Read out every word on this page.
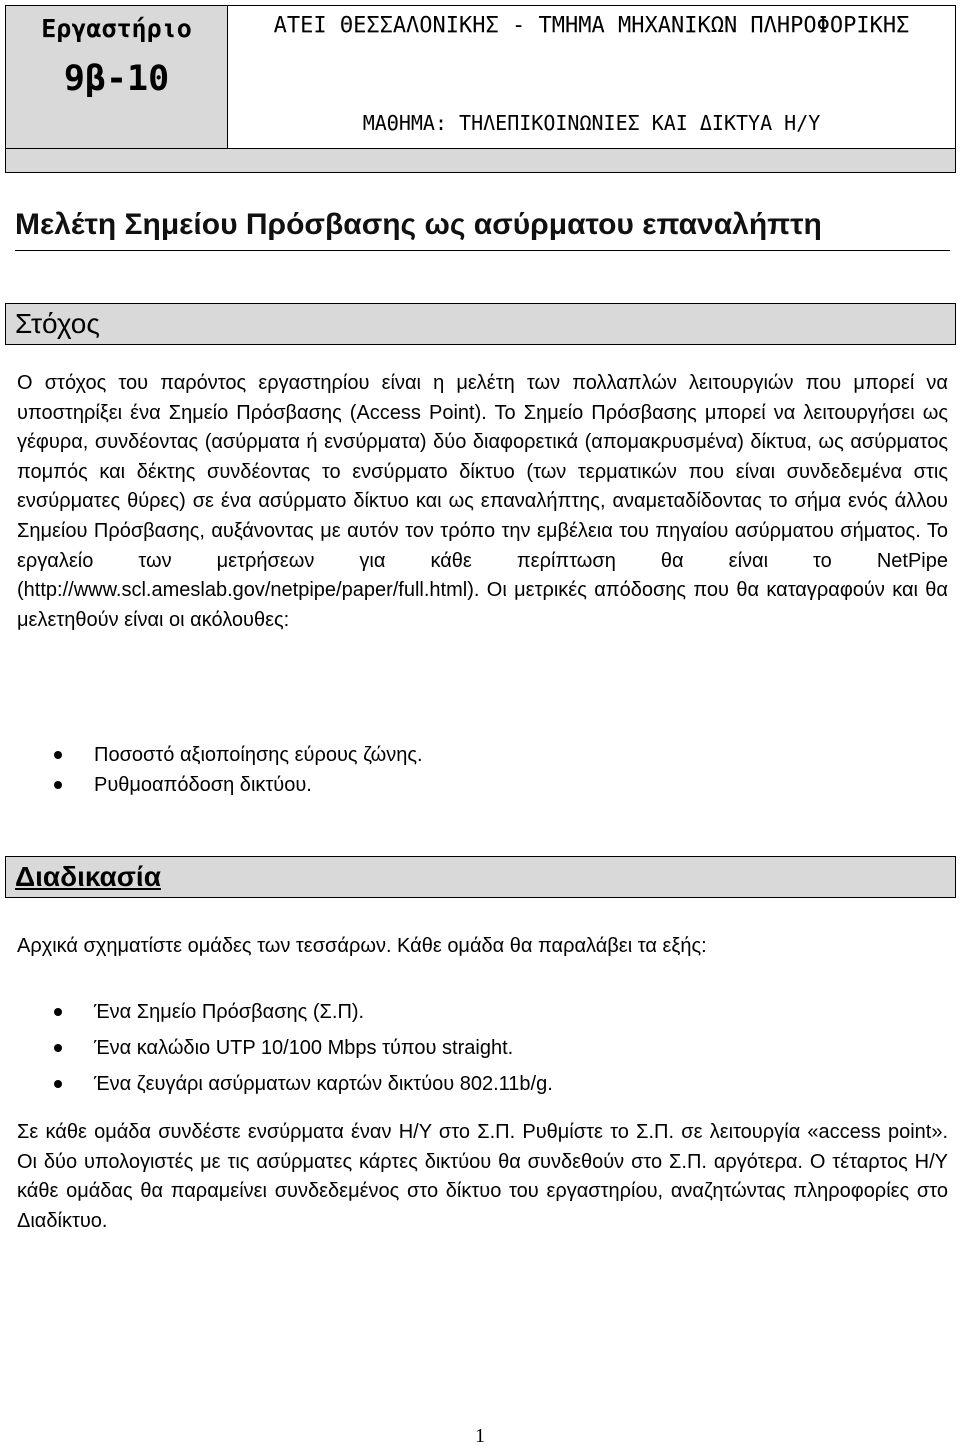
Εργαστήριο
9β-10
ΑΤΕΙ ΘΕΣΣΑΛΟΝΙΚΗΣ - ΤΜΗΜΑ ΜΗΧΑΝΙΚΩΝ ΠΛΗΡΟΦΟΡΙΚΗΣ
ΜΑΘΗΜΑ: ΤΗΛΕΠΙΚΟΙΝΩΝΙΕΣ ΚΑΙ ΔΙΚΤΥΑ Η/Υ
Μελέτη Σημείου Πρόσβασης ως ασύρματου επαναλήπτη
Στόχος
Ο στόχος του παρόντος εργαστηρίου είναι η μελέτη των πολλαπλών λειτουργιών που μπορεί να υποστηρίξει ένα Σημείο Πρόσβασης (Access Point). Το Σημείο Πρόσβασης μπορεί να λειτουργήσει ως γέφυρα, συνδέοντας (ασύρματα ή ενσύρματα) δύο διαφορετικά (απομακρυσμένα) δίκτυα, ως ασύρματος πομπός και δέκτης συνδέοντας το ενσύρματο δίκτυο (των τερματικών που είναι συνδεδεμένα στις ενσύρματες θύρες) σε ένα ασύρματο δίκτυο και ως επαναλήπτης, αναμεταδίδοντας το σήμα ενός άλλου Σημείου Πρόσβασης, αυξάνοντας με αυτόν τον τρόπο την εμβέλεια του πηγαίου ασύρματου σήματος. Το εργαλείο των μετρήσεων για κάθε περίπτωση θα είναι το NetPipe (http://www.scl.ameslab.gov/netpipe/paper/full.html). Οι μετρικές απόδοσης που θα καταγραφούν και θα μελετηθούν είναι οι ακόλουθες:
Ποσοστό αξιοποίησης εύρους ζώνης.
Ρυθμοαπόδοση δικτύου.
Διαδικασία
Αρχικά σχηματίστε ομάδες των τεσσάρων. Κάθε ομάδα θα παραλάβει τα εξής:
Ένα Σημείο Πρόσβασης (Σ.Π).
Ένα καλώδιο UTP 10/100 Mbps τύπου straight.
Ένα ζευγάρι ασύρματων καρτών δικτύου 802.11b/g.
Σε κάθε ομάδα συνδέστε ενσύρματα έναν Η/Υ στο Σ.Π. Ρυθμίστε το Σ.Π. σε λειτουργία «access point». Οι δύο υπολογιστές με τις ασύρματες κάρτες δικτύου θα συνδεθούν στο Σ.Π. αργότερα. Ο τέταρτος Η/Υ κάθε ομάδας θα παραμείνει συνδεδεμένος στο δίκτυο του εργαστηρίου, αναζητώντας πληροφορίες στο Διαδίκτυο.
1
